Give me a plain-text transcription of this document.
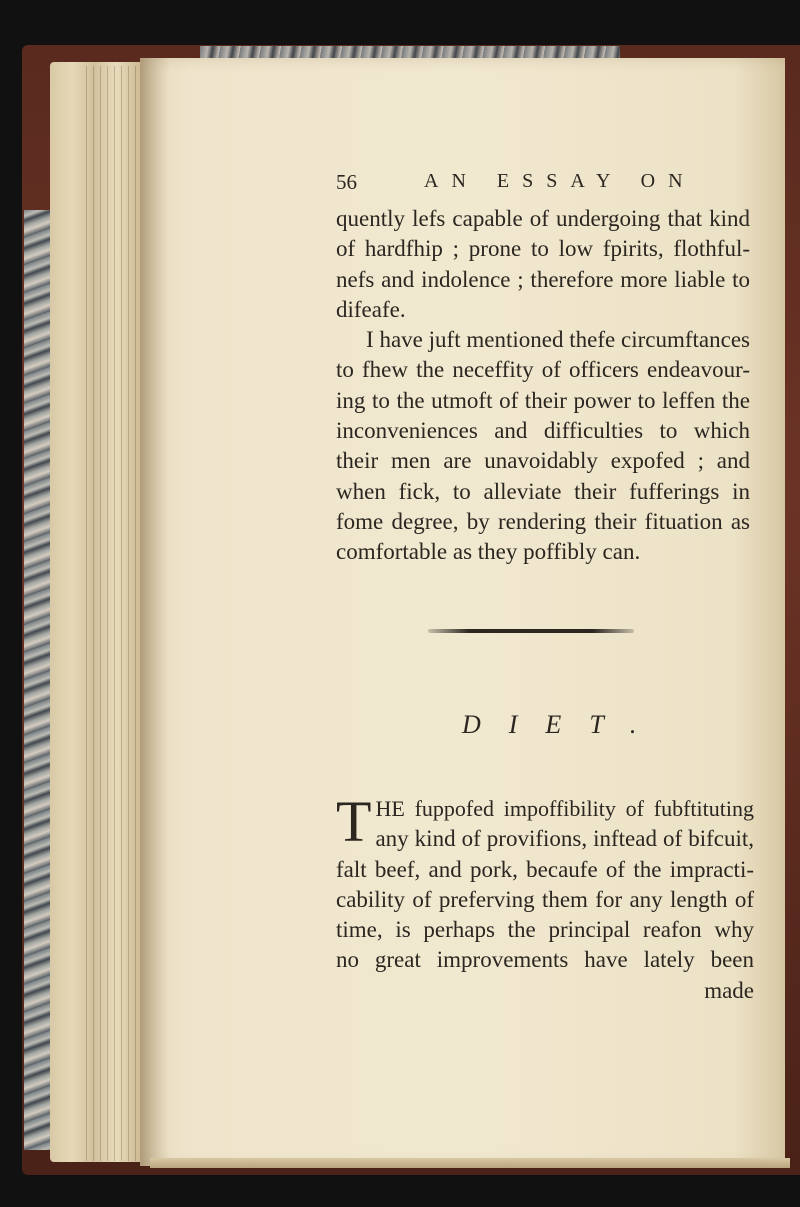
56	AN ESSAY ON

quently lefs capable of undergoing that kind
of hardfhip ; prone to low fpirits, flothful-
nefs and indolence ; therefore more liable to
difeafe.

I have juft mentioned thefe circumftances
to fhew the neceffity of officers endeavour-
ing to the utmoft of their power to leffen the
inconveniences and difficulties to which
their men are unavoidably expofed ; and
when fick, to alleviate their fufferings in
fome degree, by rendering their fituation as
comfortable as they poffibly can.

DIET.
T HE fuppofed impoffibility of fubftituting
any kind of provifions, inftead of bifcuit,
falt beef, and pork, becaufe of the impracti-
cability of preferving them for any length of
time, is perhaps the principal reafon why
no great improvements have lately been
made
